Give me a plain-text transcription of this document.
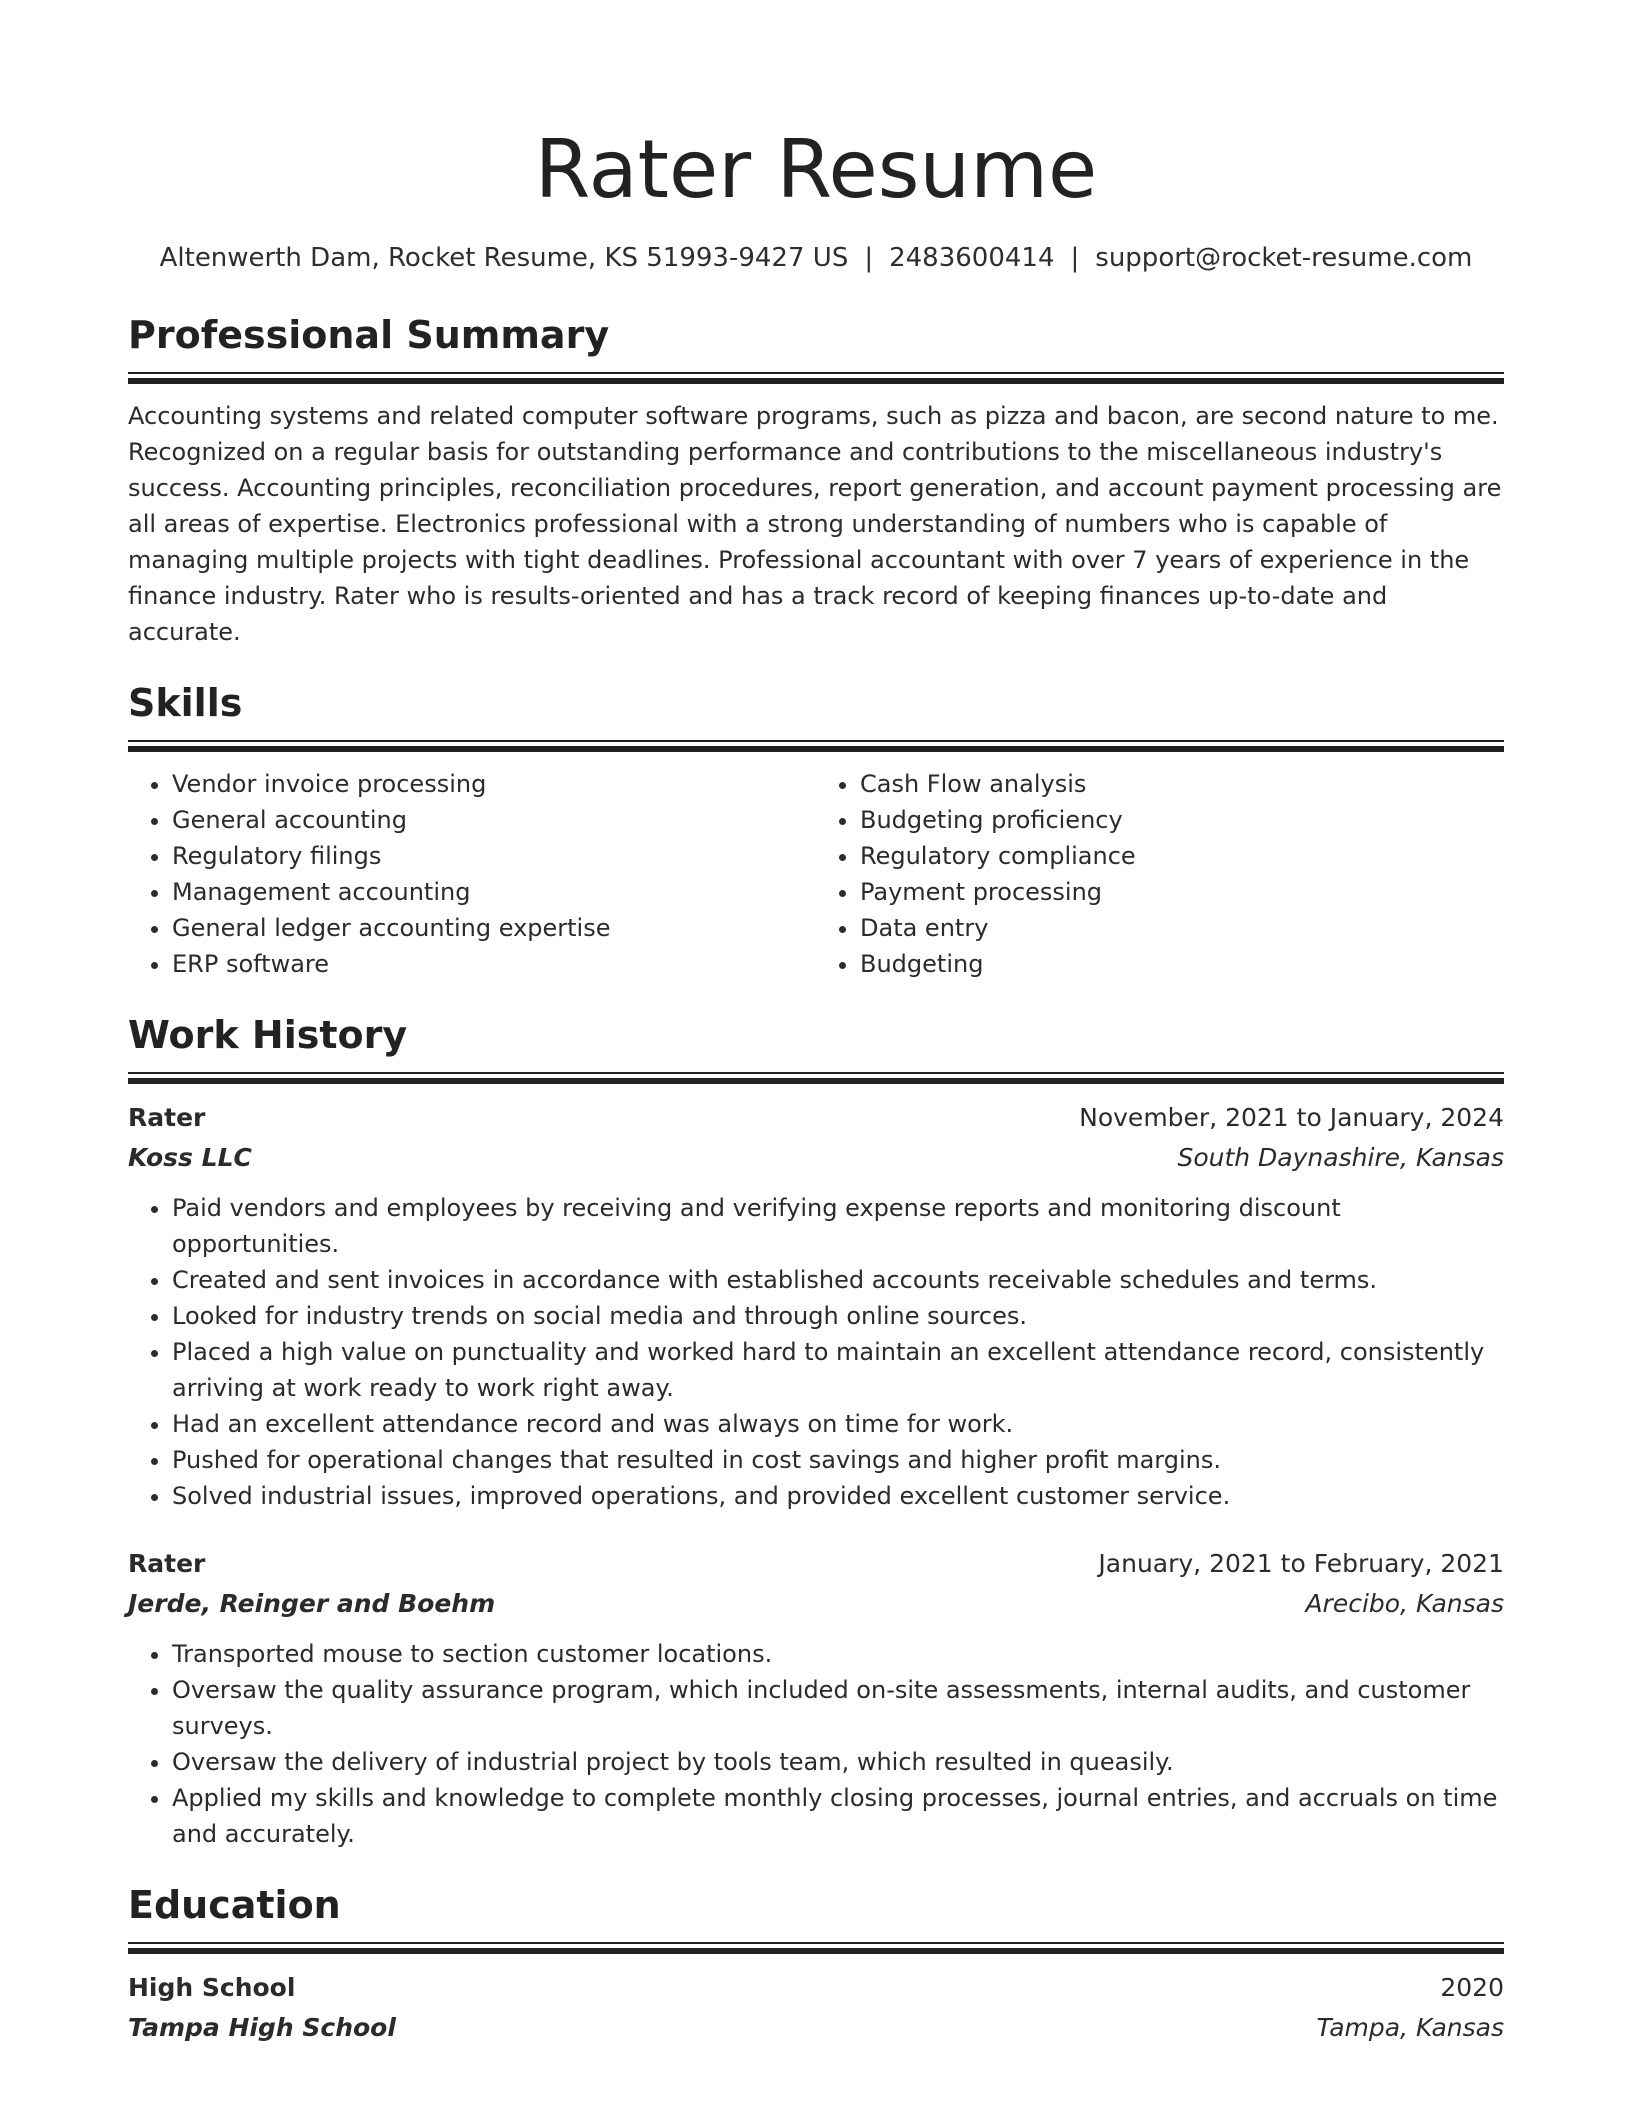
Rater Resume
Altenwerth Dam, Rocket Resume, KS 51993-9427 US | 2483600414 | support@rocket-resume.com
Professional Summary
Accounting systems and related computer software programs, such as pizza and bacon, are second nature to me. Recognized on a regular basis for outstanding performance and contributions to the miscellaneous industry's success. Accounting principles, reconciliation procedures, report generation, and account payment processing are all areas of expertise. Electronics professional with a strong understanding of numbers who is capable of managing multiple projects with tight deadlines. Professional accountant with over 7 years of experience in the finance industry. Rater who is results-oriented and has a track record of keeping finances up-to-date and accurate.
Skills
• Vendor invoice processing
• General accounting
• Regulatory filings
• Management accounting
• General ledger accounting expertise
• ERP software
• Cash Flow analysis
• Budgeting proficiency
• Regulatory compliance
• Payment processing
• Data entry
• Budgeting
Work History
Rater	November, 2021 to January, 2024
Koss LLC	South Daynashire, Kansas
• Paid vendors and employees by receiving and verifying expense reports and monitoring discount opportunities.
• Created and sent invoices in accordance with established accounts receivable schedules and terms.
• Looked for industry trends on social media and through online sources.
• Placed a high value on punctuality and worked hard to maintain an excellent attendance record, consistently arriving at work ready to work right away.
• Had an excellent attendance record and was always on time for work.
• Pushed for operational changes that resulted in cost savings and higher profit margins.
• Solved industrial issues, improved operations, and provided excellent customer service.
Rater	January, 2021 to February, 2021
Jerde, Reinger and Boehm	Arecibo, Kansas
• Transported mouse to section customer locations.
• Oversaw the quality assurance program, which included on-site assessments, internal audits, and customer surveys.
• Oversaw the delivery of industrial project by tools team, which resulted in queasily.
• Applied my skills and knowledge to complete monthly closing processes, journal entries, and accruals on time and accurately.
Education
High School	2020
Tampa High School	Tampa, Kansas
